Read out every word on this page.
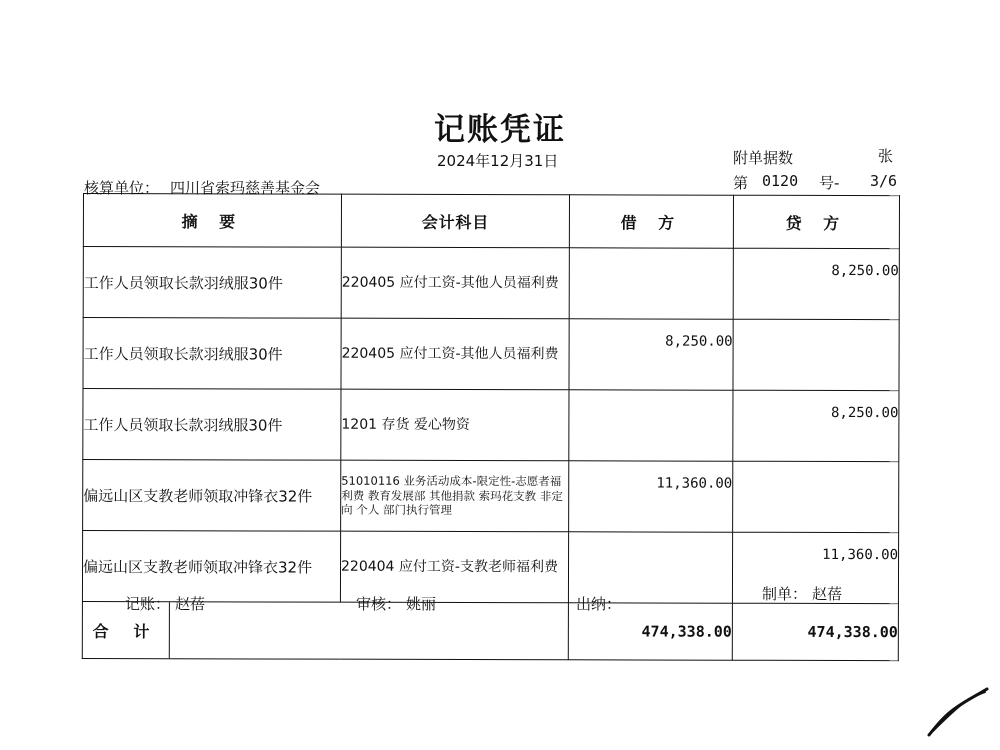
记账凭证
2024年12月31日	附单据数	张
核算单位： 四川省索玛慈善基金会	第 0120 号- 3/6
摘 要	会计科目	借 方	贷 方
工作人员领取长款羽绒服30件	220405 应付工资-其他人员福利费		8,250.00
工作人员领取长款羽绒服30件	220405 应付工资-其他人员福利费	8,250.00	
工作人员领取长款羽绒服30件	1201 存货 爱心物资		8,250.00
偏远山区支教老师领取冲锋衣32件	51010116 业务活动成本-限定性-志愿者福利费 教育发展部 其他捐款 索玛花支教 非定向 个人 部门执行管理	11,360.00	
偏远山区支教老师领取冲锋衣32件	220404 应付工资-支教老师福利费		11,360.00

合 计		474,338.00	474,338.00
记账： 赵蓓	审核： 姚丽	出纳：
制单： 赵蓓
